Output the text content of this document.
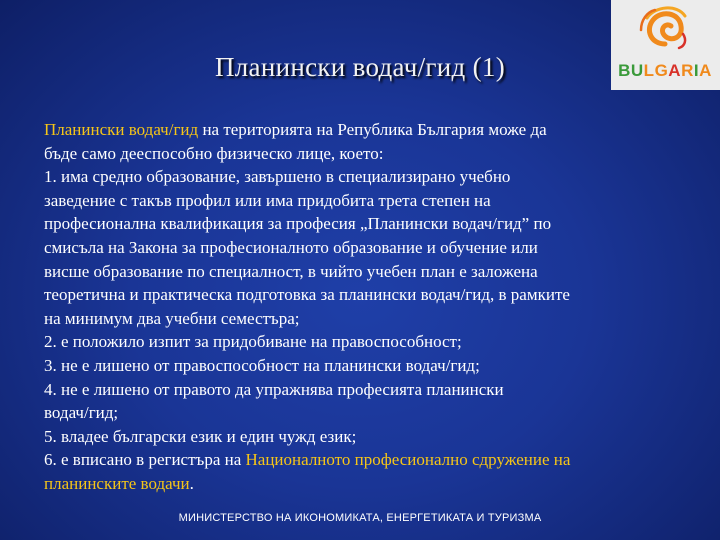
Планински водач/гид (1)	BULGARIA
Планински водач/гид на територията на Република България може да
бъде само дееспособно физическо лице, което:
1. има средно образование, завършено в специализирано учебно
заведение с такъв профил или има придобита трета степен на
професионална квалификация за професия „Планински водач/гид” по
смисъла на Закона за професионалното образование и обучение или
висше образование по специалност, в чийто учебен план е заложена
теоретична и практическа подготовка за планински водач/гид, в рамките
на минимум два учебни семестъра;
2. е положило изпит за придобиване на правоспособност;
3. не е лишено от правоспособност на планински водач/гид;
4. не е лишено от правото да упражнява професията планински
водач/гид;
5. владее български език и един чужд език;
6. е вписано в регистъра на Националното професионално сдружение на
планинските водачи.
МИНИСТЕРСТВО НА ИКОНОМИКАТА, ЕНЕРГЕТИКАТА И ТУРИЗМА
